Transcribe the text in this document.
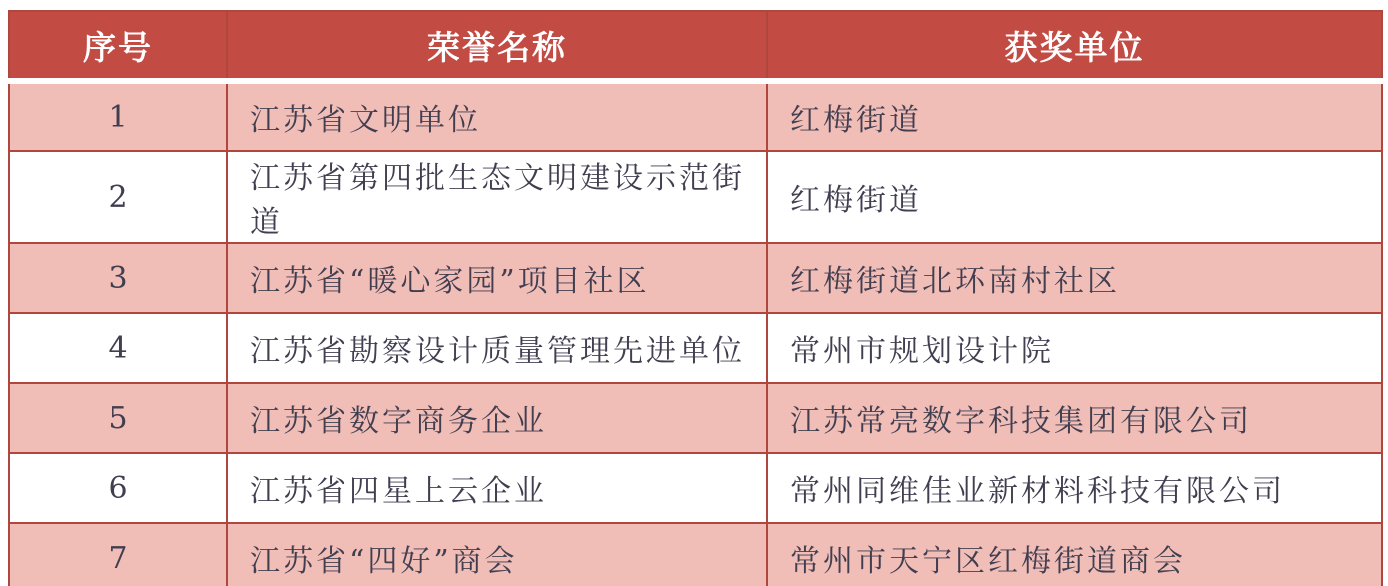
序号	荣誉名称	获奖单位
1	江苏省文明单位	红梅街道
2	江苏省第四批生态文明建设示范街道	红梅街道
3	江苏省“暖心家园”项目社区	红梅街道北环南村社区
4	江苏省勘察设计质量管理先进单位	常州市规划设计院
5	江苏省数字商务企业	江苏常亮数字科技集团有限公司
6	江苏省四星上云企业	常州同维佳业新材料科技有限公司
7	江苏省“四好”商会	常州市天宁区红梅街道商会
